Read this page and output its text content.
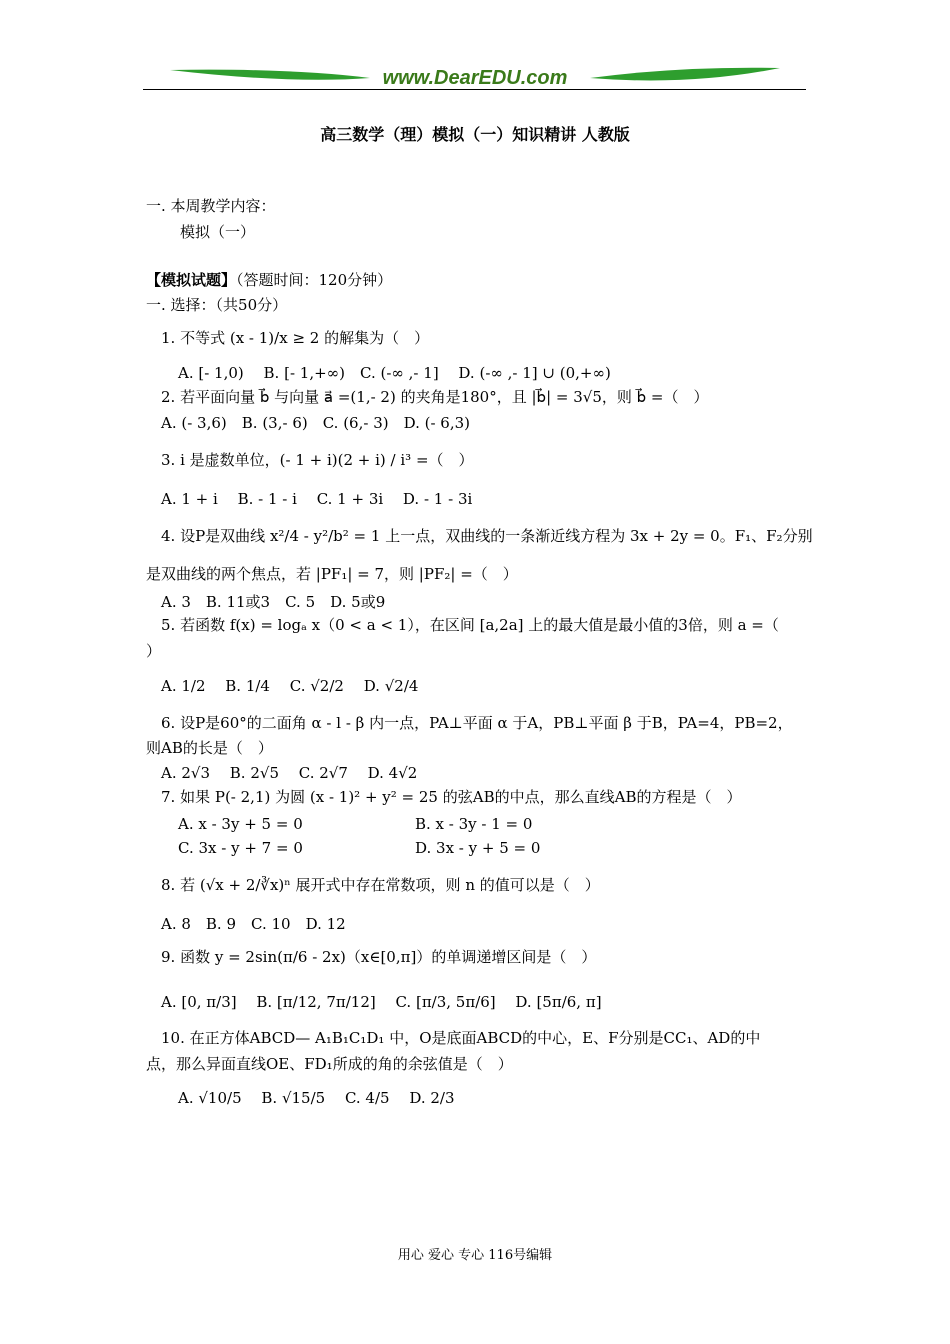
www.DearEDU.com
高三数学（理）模拟（一）知识精讲 人教版
一. 本周教学内容：
模拟（一）
【模拟试题】（答题时间：120分钟）
一. 选择：（共50分）
1. 不等式 (x - 1)/x ≥ 2 的解集为（　）
A. [- 1,0)　 B. [- 1,+∞)　C. (-∞ ,- 1]　 D. (-∞ ,- 1] ∪ (0,+∞)
2. 若平面向量 b⃗ 与向量 a⃗ =(1,- 2) 的夹角是180°，且 |b⃗| = 3√5，则 b⃗ =（　）
A. (- 3,6)　B. (3,- 6)　C. (6,- 3)　D. (- 6,3)
3. i 是虚数单位，(- 1 + i)(2 + i) / i³ =（　）
A. 1 + i　 B. - 1 - i　 C. 1 + 3i　 D. - 1 - 3i
4. 设P是双曲线 x²/4 - y²/b² = 1 上一点，双曲线的一条渐近线方程为 3x + 2y = 0。F₁、F₂分别
是双曲线的两个焦点，若 |PF₁| = 7，则 |PF₂| =（　）
A. 3　B. 11或3　C. 5　D. 5或9
5. 若函数 f(x) = logₐ x（0 < a < 1），在区间 [a,2a] 上的最大值是最小值的3倍，则 a =（
）
A. 1/2　 B. 1/4　 C. √2/2　 D. √2/4
6. 设P是60°的二面角 α - l - β 内一点，PA⊥平面 α 于A，PB⊥平面 β 于B，PA=4，PB=2，
则AB的长是（　）
A. 2√3　 B. 2√5　 C. 2√7　 D. 4√2
7. 如果 P(- 2,1) 为圆 (x - 1)² + y² = 25 的弦AB的中点，那么直线AB的方程是（　）
A. x - 3y + 5 = 0	B. x - 3y - 1 = 0
C. 3x - y + 7 = 0	D. 3x - y + 5 = 0
8. 若 (√x + 2/∛x)ⁿ 展开式中存在常数项，则 n 的值可以是（　）
A. 8　B. 9　C. 10　D. 12
9. 函数 y = 2sin(π/6 - 2x)（x∈[0,π]）的单调递增区间是（　）
A. [0, π/3]　 B. [π/12, 7π/12]　 C. [π/3, 5π/6]　 D. [5π/6, π]
10. 在正方体ABCD— A₁B₁C₁D₁ 中，O是底面ABCD的中心，E、F分别是CC₁、AD的中
点，那么异面直线OE、FD₁所成的角的余弦值是（　）
A. √10/5　 B. √15/5　 C. 4/5　 D. 2/3
用心 爱心 专心 116号编辑
